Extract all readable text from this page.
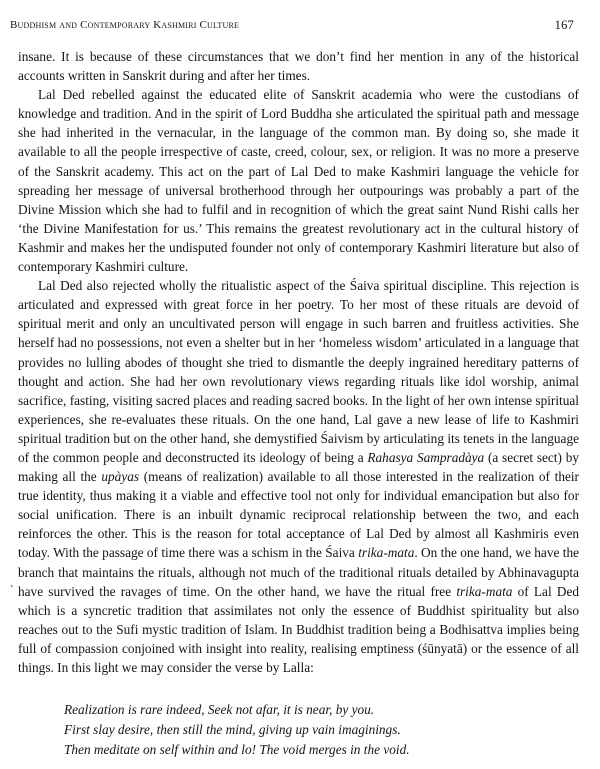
Buddhism and Contemporary Kashmiri Culture	167
’

insane. It is because of these circumstances that we don’t find her mention in any of the historical accounts written in Sanskrit during and after her times.

Lal Ded rebelled against the educated elite of Sanskrit academia who were the custodians of knowledge and tradition. And in the spirit of Lord Buddha she articulated the spiritual path and message she had inherited in the vernacular, in the language of the common man. By doing so, she made it available to all the people irrespective of caste, creed, colour, sex, or religion. It was no more a preserve of the Sanskrit academy. This act on the part of Lal Ded to make Kashmiri language the vehicle for spreading her message of universal brotherhood through her outpourings was probably a part of the Divine Mission which she had to fulfil and in recognition of which the great saint Nund Rishi calls her ‘the Divine Manifestation for us.’ This remains the greatest revolutionary act in the cultural history of Kashmir and makes her the undisputed founder not only of contemporary Kashmiri literature but also of contemporary Kashmiri culture.

Lal Ded also rejected wholly the ritualistic aspect of the Śaiva spiritual discipline. This rejection is articulated and expressed with great force in her poetry. To her most of these rituals are devoid of spiritual merit and only an uncultivated person will engage in such barren and fruitless activities. She herself had no possessions, not even a shelter but in her ‘homeless wisdom’ articulated in a language that provides no lulling abodes of thought she tried to dismantle the deeply ingrained hereditary patterns of thought and action. She had her own revolutionary views regarding rituals like idol worship, animal sacrifice, fasting, visiting sacred places and reading sacred books. In the light of her own intense spiritual experiences, she re-evaluates these rituals. On the one hand, Lal gave a new lease of life to Kashmiri spiritual tradition but on the other hand, she demystified Śaivism by articulating its tenets in the language of the common people and deconstructed its ideology of being a Rahasya Sampradàya (a secret sect) by making all the upàyas (means of realization) available to all those interested in the realization of their true identity, thus making it a viable and effective tool not only for individual emancipation but also for social unification. There is an inbuilt dynamic reciprocal relationship between the two, and each reinforces the other. This is the reason for total acceptance of Lal Ded by almost all Kashmiris even today. With the passage of time there was a schism in the Śaiva trika-mata. On the one hand, we have the branch that maintains the rituals, although not much of the traditional rituals detailed by Abhinavagupta have survived the ravages of time. On the other hand, we have the ritual free trika-mata of Lal Ded which is a syncretic tradition that assimilates not only the essence of Buddhist spirituality but also reaches out to the Sufi mystic tradition of Islam. In Buddhist tradition being a Bodhisattva implies being full of compassion conjoined with insight into reality, realising emptiness (śūnyatā) or the essence of all things. In this light we may consider the verse by Lalla:

Realization is rare indeed, Seek not afar, it is near, by you.
First slay desire, then still the mind, giving up vain imaginings.
Then meditate on self within and lo! The void merges in the void.
